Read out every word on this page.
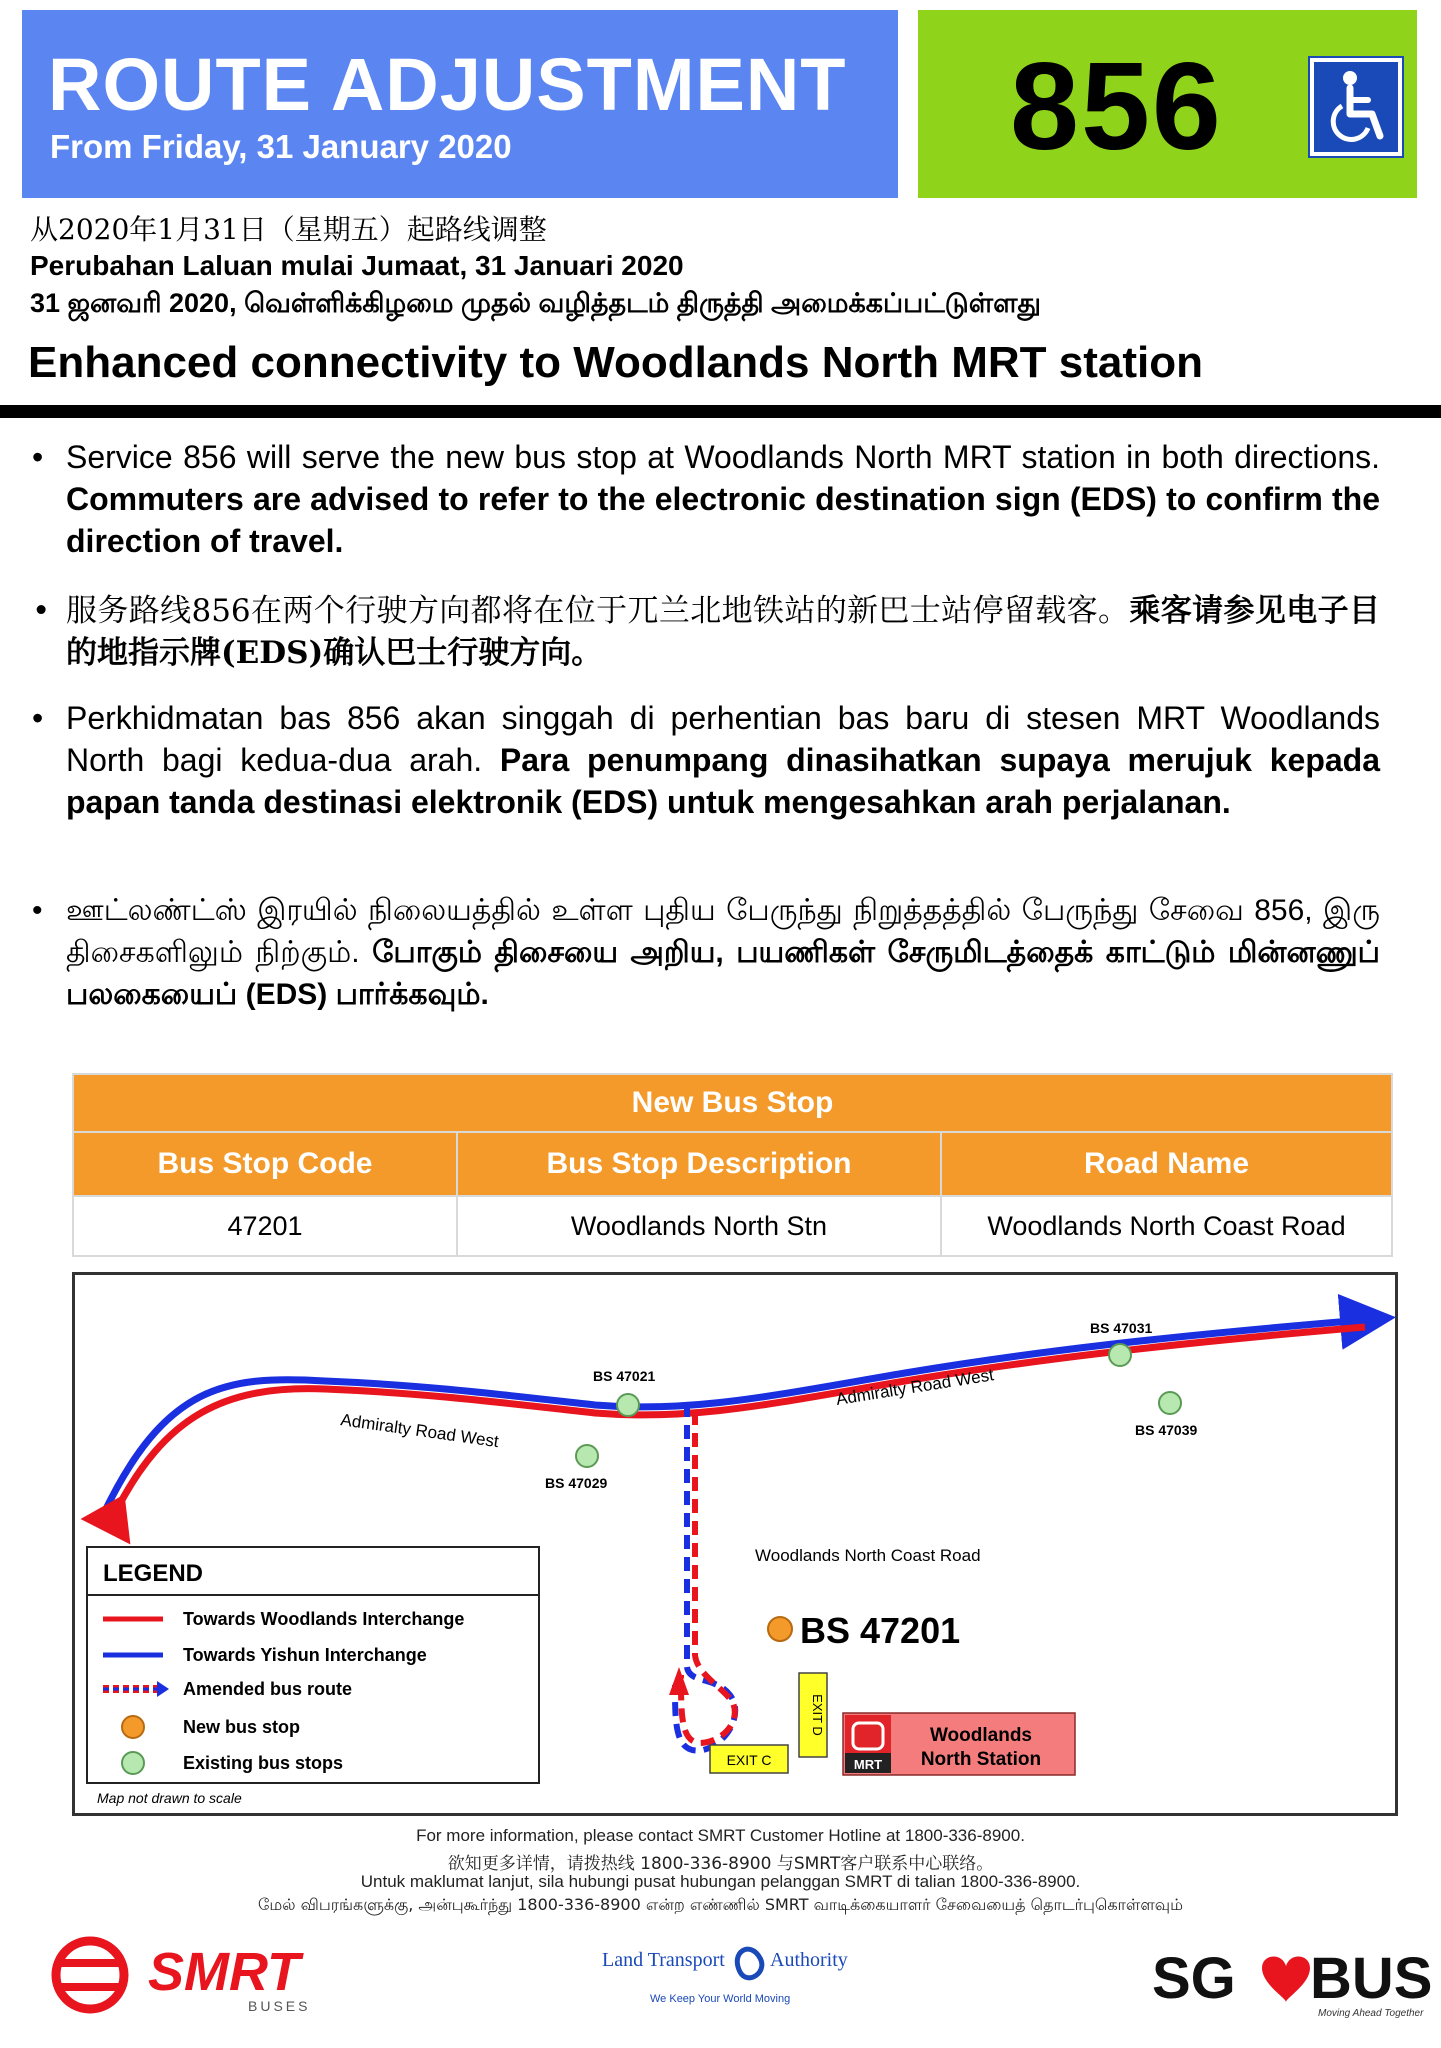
ROUTE ADJUSTMENT
From Friday, 31 January 2020	856
从2020年1月31日（星期五）起路线调整
Perubahan Laluan mulai Jumaat, 31 Januari 2020
31 ஜனவரி 2020, வெள்ளிக்கிழமை முதல் வழித்தடம் திருத்தி அமைக்கப்பட்டுள்ளது
Enhanced connectivity to Woodlands North MRT station
• Service 856 will serve the new bus stop at Woodlands North MRT station in both directions. Commuters are advised to refer to the electronic destination sign (EDS) to confirm the direction of travel.
• 服务路线856在两个行驶方向都将在位于兀兰北地铁站的新巴士站停留载客。乘客请参见电子目的地指示牌(EDS)确认巴士行驶方向。
• Perkhidmatan bas 856 akan singgah di perhentian bas baru di stesen MRT Woodlands North bagi kedua-dua arah. Para penumpang dinasihatkan supaya merujuk kepada papan tanda destinasi elektronik (EDS) untuk mengesahkan arah perjalanan.
• ஊட்லண்ட்ஸ் இரயில் நிலையத்தில் உள்ள புதிய பேருந்து நிறுத்தத்தில் பேருந்து சேவை 856, இரு திசைகளிலும் நிற்கும். போகும் திசையை அறிய, பயணிகள் சேருமிடத்தைக் காட்டும் மின்னணுப் பலகையைப் (EDS) பார்க்கவும்.
New Bus Stop		
Bus Stop Code	Bus Stop Description	Road Name
47201	Woodlands North Stn	Woodlands North Coast Road
Admiralty Road West
Admiralty Road West
Woodlands North Coast Road
BS 47021
BS 47029
BS 47031
BS 47039
BS 47201
EXIT C
EXIT D
MRT
Woodlands
North Station
LEGEND
Towards Woodlands Interchange
Towards Yishun Interchange
Amended bus route
New bus stop
Existing bus stops
Map not drawn to scale
For more information, please contact SMRT Customer Hotline at 1800-336-8900.
欲知更多详情，请拨热线 1800-336-8900 与SMRT客户联系中心联络。
Untuk maklumat lanjut, sila hubungi pusat hubungan pelanggan SMRT di talian 1800-336-8900.
மேல் விபரங்களுக்கு, அன்புகூர்ந்து 1800-336-8900 என்ற எண்ணில் SMRT வாடிக்கையாளர் சேவையைத் தொடர்புகொள்ளவும்
SMRT
BUSES
Land Transport Authority
We Keep Your World Moving	SG BUS
Moving Ahead Together
